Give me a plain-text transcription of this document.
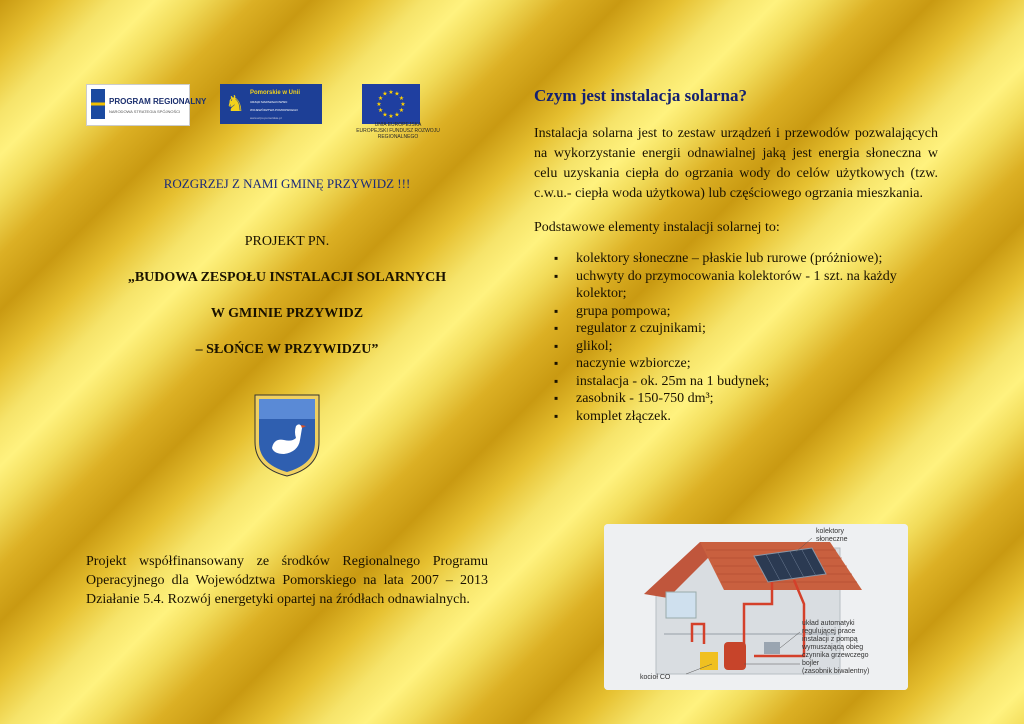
PROGRAM REGIONALNY
NARODOWA STRATEGIA SPÓJNOŚCI ♞ Pomorskie w Unii
URZĄD MARSZAŁKOWSKI
WOJEWÓDZTWA POMORSKIEGO
www.wrpo.pomorskie.pl
★ ★
★
★
★
★
★
★
★
★
★
★
UNIA EUROPEJSKA
EUROPEJSKI FUNDUSZ ROZWOJU
REGIONALNEGO
ROZGRZEJ Z NAMI GMINĘ PRZYWIDZ !!!
PROJEKT PN.
„BUDOWA ZESPOŁU INSTALACJI SOLARNYCH
W GMINIE PRZYWIDZ
– SŁOŃCE W PRZYWIDZU”
Projekt współfinansowany ze środków Regionalnego Programu Operacyjnego dla Województwa Pomorskiego na lata 2007 – 2013 Działanie 5.4. Rozwój energetyki opartej na źródłach odnawialnych.
Czym jest instalacja solarna?
Instalacja solarna jest to zestaw urządzeń i przewodów pozwalających na wykorzystanie energii odnawialnej jaką jest energia słoneczna w celu uzyskania ciepła do ogrzania wody do celów użytkowych (tzw. c.w.u.- ciepła woda użytkowa) lub częściowego ogrzania mieszkania.
Podstawowe elementy instalacji solarnej to:
▪ kolektory słoneczne – płaskie lub rurowe (próżniowe);
▪ uchwyty do przymocowania kolektorów - 1 szt. na każdy kolektor;
▪ grupa pompowa;
▪ regulator z czujnikami;
▪ glikol;
▪ naczynie wzbiorcze;
▪ instalacja - ok. 25m na 1 budynek;
▪ zasobnik - 150-750 dm³;
▪ komplet złączek.
kolektory
słoneczne
układ automatyki
regulującej prace
instalacji z pompą
wymuszającą obieg
czynnika grzewczego
bojler
(zasobnik biwalentny)
kocioł CO
